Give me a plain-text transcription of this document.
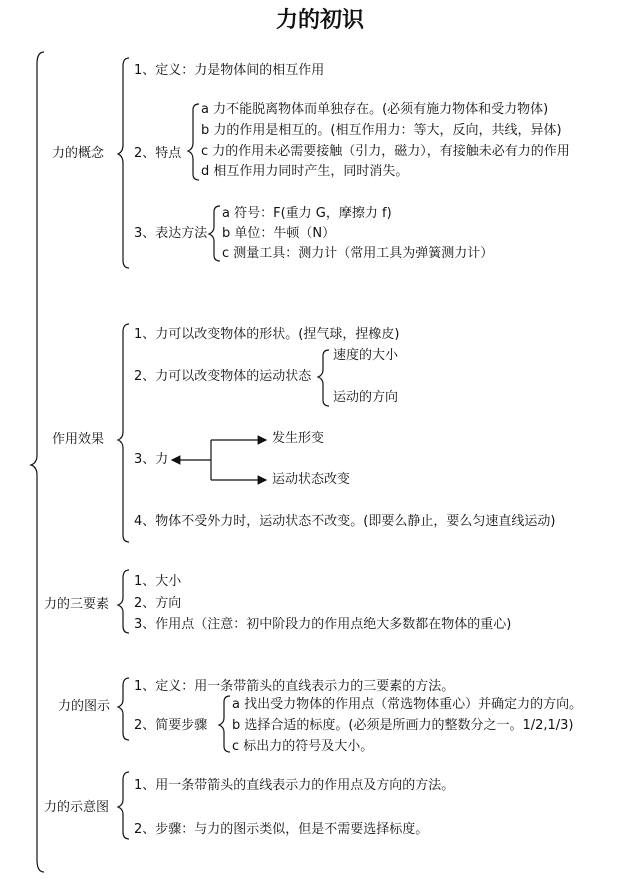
力的初识
力的概念
1、定义：力是物体间的相互作用
2、特点
a 力不能脱离物体而单独存在。(必须有施力物体和受力物体)
b 力的作用是相互的。(相互作用力：等大，反向，共线，异体)
c 力的作用未必需要接触（引力，磁力），有接触未必有力的作用
d 相互作用力同时产生，同时消失。
3、表达方法
a 符号：F(重力 G，摩擦力 f)
b 单位：牛顿（N）
c 测量工具：测力计（常用工具为弹簧测力计）
作用效果
1、力可以改变物体的形状。(捏气球，捏橡皮)
2、力可以改变物体的运动状态
速度的大小
运动的方向
3、力
发生形变
运动状态改变
4、物体不受外力时，运动状态不改变。(即要么静止，要么匀速直线运动)
力的三要素
1、大小
2、方向
3、作用点（注意：初中阶段力的作用点绝大多数都在物体的重心)
力的图示
1、定义：用一条带箭头的直线表示力的三要素的方法。
2、简要步骤
a 找出受力物体的作用点（常选物体重心）并确定力的方向。
b 选择合适的标度。(必须是所画力的整数分之一。1/2,1/3)
c 标出力的符号及大小。
力的示意图
1、用一条带箭头的直线表示力的作用点及方向的方法。
2、步骤：与力的图示类似，但是不需要选择标度。
